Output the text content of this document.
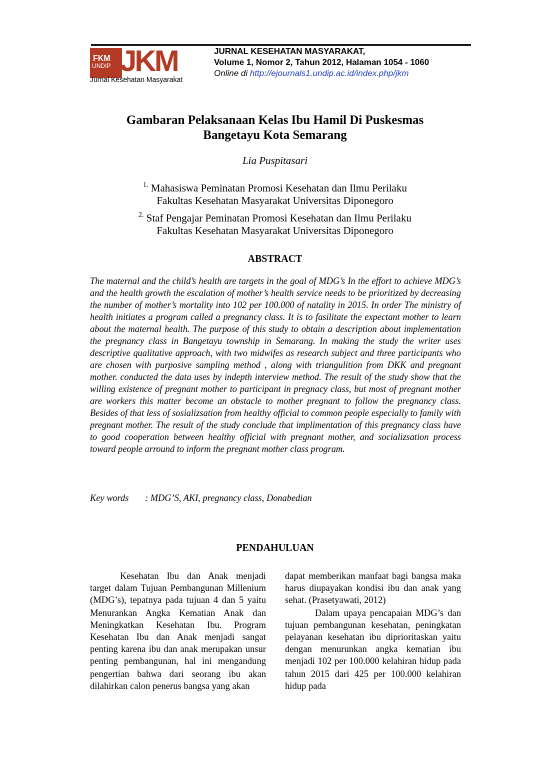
FKM
UNDIP JKM
Jurnal Kesehatan Masyarakat
JURNAL KESEHATAN MASYARAKAT,
Volume 1, Nomor 2, Tahun 2012, Halaman 1054 - 1060
Online di http://ejournals1.undip.ac.id/index.php/jkm
Gambaran Pelaksanaan Kelas Ibu Hamil Di Puskesmas
Bangetayu Kota Semarang
Lia Puspitasari
$^{1.}$ Mahasiswa Peminatan Promosi Kesehatan dan Ilmu Perilaku
Fakultas Kesehatan Masyarakat Universitas Diponegoro
$^{2.}$ Staf Pengajar Peminatan Promosi Kesehatan dan Ilmu Perilaku
Fakultas Kesehatan Masyarakat Universitas Diponegoro
ABSTRACT
The maternal and the child’s health are targets in the goal of MDG’s In the effort to achieve MDG’s and the health growth the escalation of mother’s health service needs to be prioritized by decreasing the number of mother’s mortality into 102 per 100.000 of natality in 2015. In order The ministry of health initiates a program called a pregnancy class. It is to fasilitate the expectant mother to learn about the maternal health. The purpose of this study to obtain a description about implementation the pregnancy class in Bangetayu township in Semarang. In making the study the writer uses descriptive qualitative approach, with two midwifes as research subject and three participants who are chosen with purposive sampling method , along with triangulition from DKK and pregnant mother. conducted the data uses by indepth interview method. The result of the study show that the willing existence of pregnant mother to participant in pregnacy class, but most of pregnant mother are workers this matter become an obstacle to mother pregnant to follow the pregnancy class. Besides of that less of sosializsation from healthy official to common people especially to family with pregnant mother. The result of the study conclude that implimentation of this pregnancy class have to good cooperation between healthy official with pregnant mother, and socializsation process toward people arround to inform the pregnant mother class program.
Key words : MDG’S, AKI, pregnancy class, Donabedian
PENDAHULUAN

Kesehatan Ibu dan Anak menjadi target dalam Tujuan Pembangunan Millenium (MDG’s), tepatnya pada tujuan 4 dan 5 yaitu Menurankan Angka Kematian Anak dan Meningkatkan Kesehatan Ibu. Program Kesehatan Ibu dan Anak menjadi sangat penting karena ibu dan anak merupakan unsur penting pembangunan, hal ini mengandung pengertian bahwa dari seorang ibu akan dilahirkan calon penerus bangsa yang akan

dapat memberikan manfaat bagi bangsa maka harus diupayakan kondisi ibu dan anak yang sehat. (Prasetyawati, 2012)

Dalam upaya pencapaian MDG’s dan tujuan pembangunan kesehatan, peningkatan pelayanan kesehatan ibu diprioritaskan yaitu dengan menurunkan angka kematian ibu menjadi 102 per 100.000 kelahiran hidup pada tahun 2015 dari 425 per 100.000 kelahiran hidup pada
